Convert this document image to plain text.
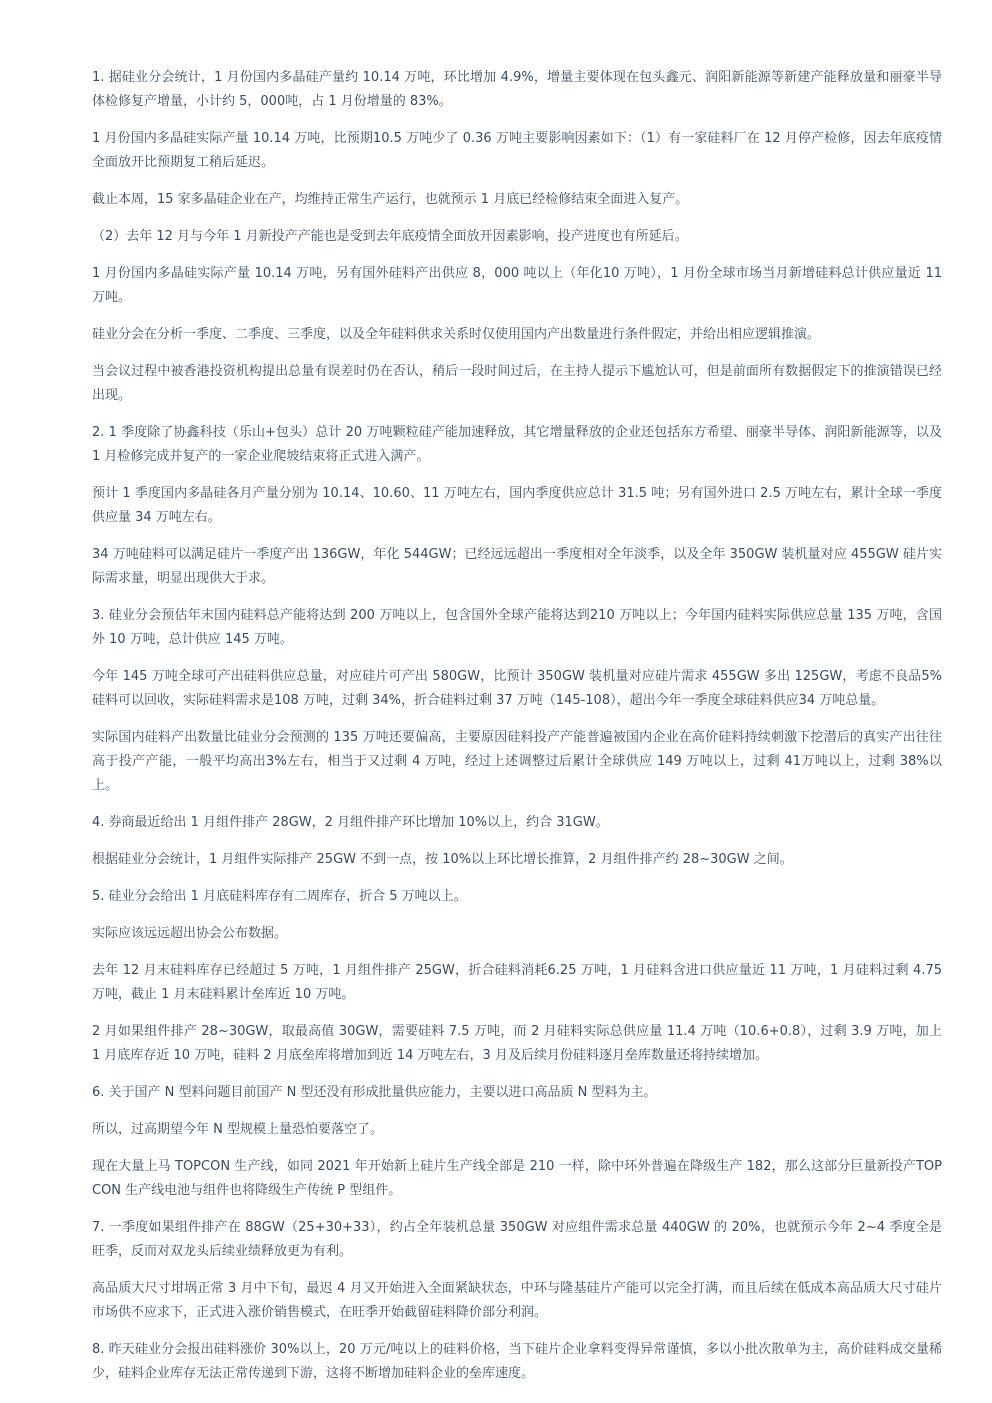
1. 据硅业分会统计，1 月份国内多晶硅产量约 10.14 万吨，环比增加 4.9%，增量主要体现在包头鑫元、润阳新能源等新建产能释放量和丽豪半导体检修复产增量，小计约 5，000吨，占 1 月份增量的 83%。

1 月份国内多晶硅实际产量 10.14 万吨，比预期10.5 万吨少了 0.36 万吨主要影响因素如下：（1）有一家硅料厂在 12 月停产检修，因去年底疫情全面放开比预期复工稍后延迟。

截止本周，15 家多晶硅企业在产，均维持正常生产运行，也就预示 1 月底已经检修结束全面进入复产。

（2）去年 12 月与今年 1 月新投产产能也是受到去年底疫情全面放开因素影响，投产进度也有所延后。

1 月份国内多晶硅实际产量 10.14 万吨，另有国外硅料产出供应 8，000 吨以上（年化10 万吨），1 月份全球市场当月新增硅料总计供应量近 11 万吨。

硅业分会在分析一季度、二季度、三季度，以及全年硅料供求关系时仅使用国内产出数量进行条件假定，并给出相应逻辑推演。

当会议过程中被香港投资机构提出总量有误差时仍在否认，稍后一段时间过后，在主持人提示下尴尬认可，但是前面所有数据假定下的推演错误已经出现。

2. 1 季度除了协鑫科技（乐山+包头）总计 20 万吨颗粒硅产能加速释放，其它增量释放的企业还包括东方希望、丽豪半导体、润阳新能源等，以及 1 月检修完成并复产的一家企业爬坡结束将正式进入满产。

预计 1 季度国内多晶硅各月产量分别为 10.14、10.60、11 万吨左右，国内季度供应总计 31.5 吨；另有国外进口 2.5 万吨左右，累计全球一季度供应量 34 万吨左右。

34 万吨硅料可以满足硅片一季度产出 136GW，年化 544GW；已经远远超出一季度相对全年淡季，以及全年 350GW 装机量对应 455GW 硅片实际需求量，明显出现供大于求。

3. 硅业分会预估年末国内硅料总产能将达到 200 万吨以上，包含国外全球产能将达到210 万吨以上；今年国内硅料实际供应总量 135 万吨，含国外 10 万吨，总计供应 145 万吨。

今年 145 万吨全球可产出硅料供应总量，对应硅片可产出 580GW，比预计 350GW 装机量对应硅片需求 455GW 多出 125GW，考虑不良品5%硅料可以回收，实际硅料需求是108 万吨，过剩 34%，折合硅料过剩 37 万吨（145-108），超出今年一季度全球硅料供应34 万吨总量。

实际国内硅料产出数量比硅业分会预测的 135 万吨还要偏高，主要原因硅料投产产能普遍被国内企业在高价硅料持续刺激下挖潜后的真实产出往往高于投产产能，一般平均高出3%左右，相当于又过剩 4 万吨，经过上述调整过后累计全球供应 149 万吨以上，过剩 41万吨以上，过剩 38%以上。

4. 券商最近给出 1 月组件排产 28GW，2 月组件排产环比增加 10%以上，约合 31GW。

根据硅业分会统计，1 月组件实际排产 25GW 不到一点，按 10%以上环比增长推算，2 月组件排产约 28~30GW 之间。

5. 硅业分会给出 1 月底硅料库存有二周库存，折合 5 万吨以上。

实际应该远远超出协会公布数据。

去年 12 月末硅料库存已经超过 5 万吨，1 月组件排产 25GW，折合硅料消耗6.25 万吨，1 月硅料含进口供应量近 11 万吨，1 月硅料过剩 4.75 万吨，截止 1 月末硅料累计垒库近 10 万吨。

2 月如果组件排产 28~30GW，取最高值 30GW，需要硅料 7.5 万吨，而 2 月硅料实际总供应量 11.4 万吨（10.6+0.8），过剩 3.9 万吨，加上 1 月底库存近 10 万吨，硅料 2 月底垒库将增加到近 14 万吨左右，3 月及后续月份硅料逐月垒库数量还将持续增加。

6. 关于国产 N 型料问题目前国产 N 型还没有形成批量供应能力，主要以进口高品质 N 型料为主。

所以，过高期望今年 N 型规模上量恐怕要落空了。

现在大量上马 TOPCON 生产线，如同 2021 年开始新上硅片生产线全部是 210 一样，除中环外普遍在降级生产 182，那么这部分巨量新投产TOPCON 生产线电池与组件也将降级生产传统 P 型组件。

7. 一季度如果组件排产在 88GW（25+30+33），约占全年装机总量 350GW 对应组件需求总量 440GW 的 20%，也就预示今年 2~4 季度全是旺季，反而对双龙头后续业绩释放更为有利。

高品质大尺寸坩埚正常 3 月中下旬，最迟 4 月又开始进入全面紧缺状态，中环与隆基硅片产能可以完全打满，而且后续在低成本高品质大尺寸硅片市场供不应求下，正式进入涨价销售模式，在旺季开始截留硅料降价部分利润。

8. 昨天硅业分会报出硅料涨价 30%以上，20 万元/吨以上的硅料价格，当下硅片企业拿料变得异常谨慎，多以小批次散单为主，高价硅料成交量稀少，硅料企业库存无法正常传递到下游，这将不断增加硅料企业的垒库速度。
